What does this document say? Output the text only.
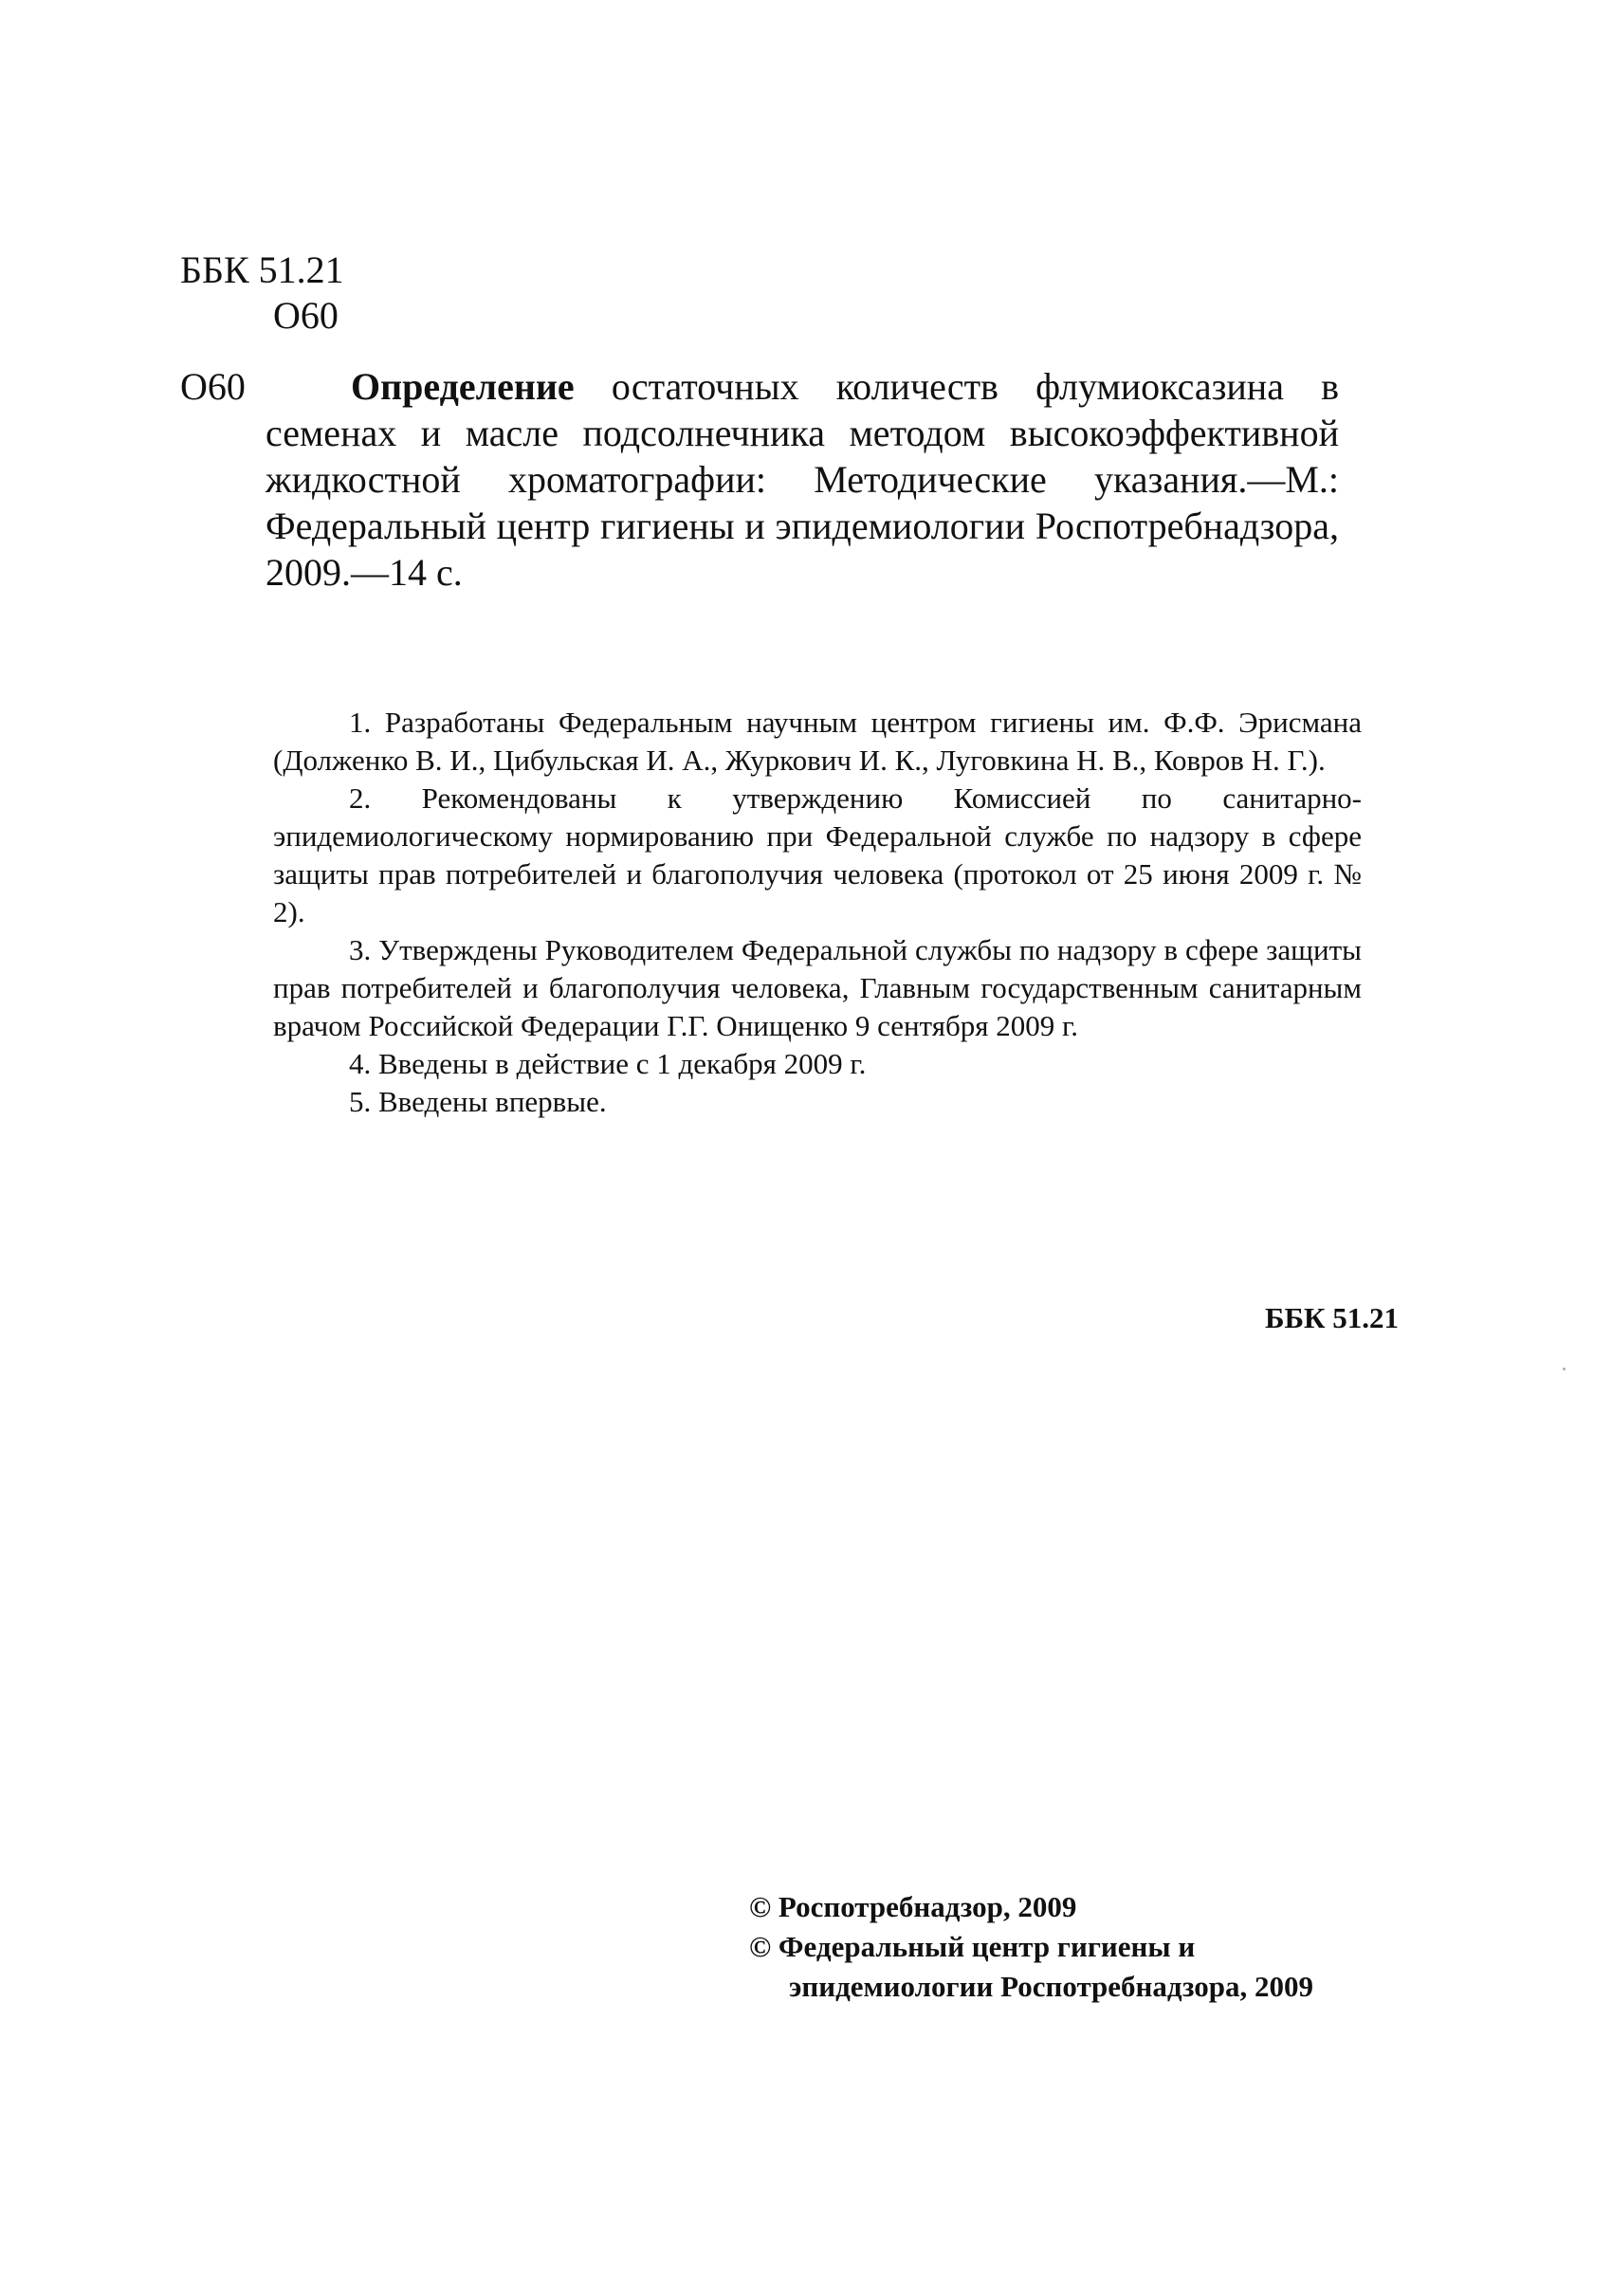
ББК 51.21
О60
О60	Определение остаточных количеств флумиоксазина в семенах и масле подсолнечника методом высокоэффективной жидкостной хроматографии: Методические указания.—М.: Федеральный центр гигиены и эпидемиологии Роспотребнадзора, 2009.—14 с.

1. Разработаны Федеральным научным центром гигиены им. Ф.Ф. Эрисмана (Долженко В. И., Цибульская И. А., Журкович И. К., Луговкина Н. В., Ковров Н. Г.).

2. Рекомендованы к утверждению Комиссией по санитарно-эпидемиологическому нормированию при Федеральной службе по надзору в сфере защиты прав потребителей и благополучия человека (протокол от 25 июня 2009 г. № 2).

3. Утверждены Руководителем Федеральной службы по надзору в сфере защиты прав потребителей и благополучия человека, Главным государственным санитарным врачом Российской Федерации Г.Г. Онищенко 9 сентября 2009 г.

4. Введены в действие с 1 декабря 2009 г.

5. Введены впервые.

ББК 51.21
© Роспотребнадзор, 2009
© Федеральный центр гигиены и
эпидемиологии Роспотребнадзора, 2009
